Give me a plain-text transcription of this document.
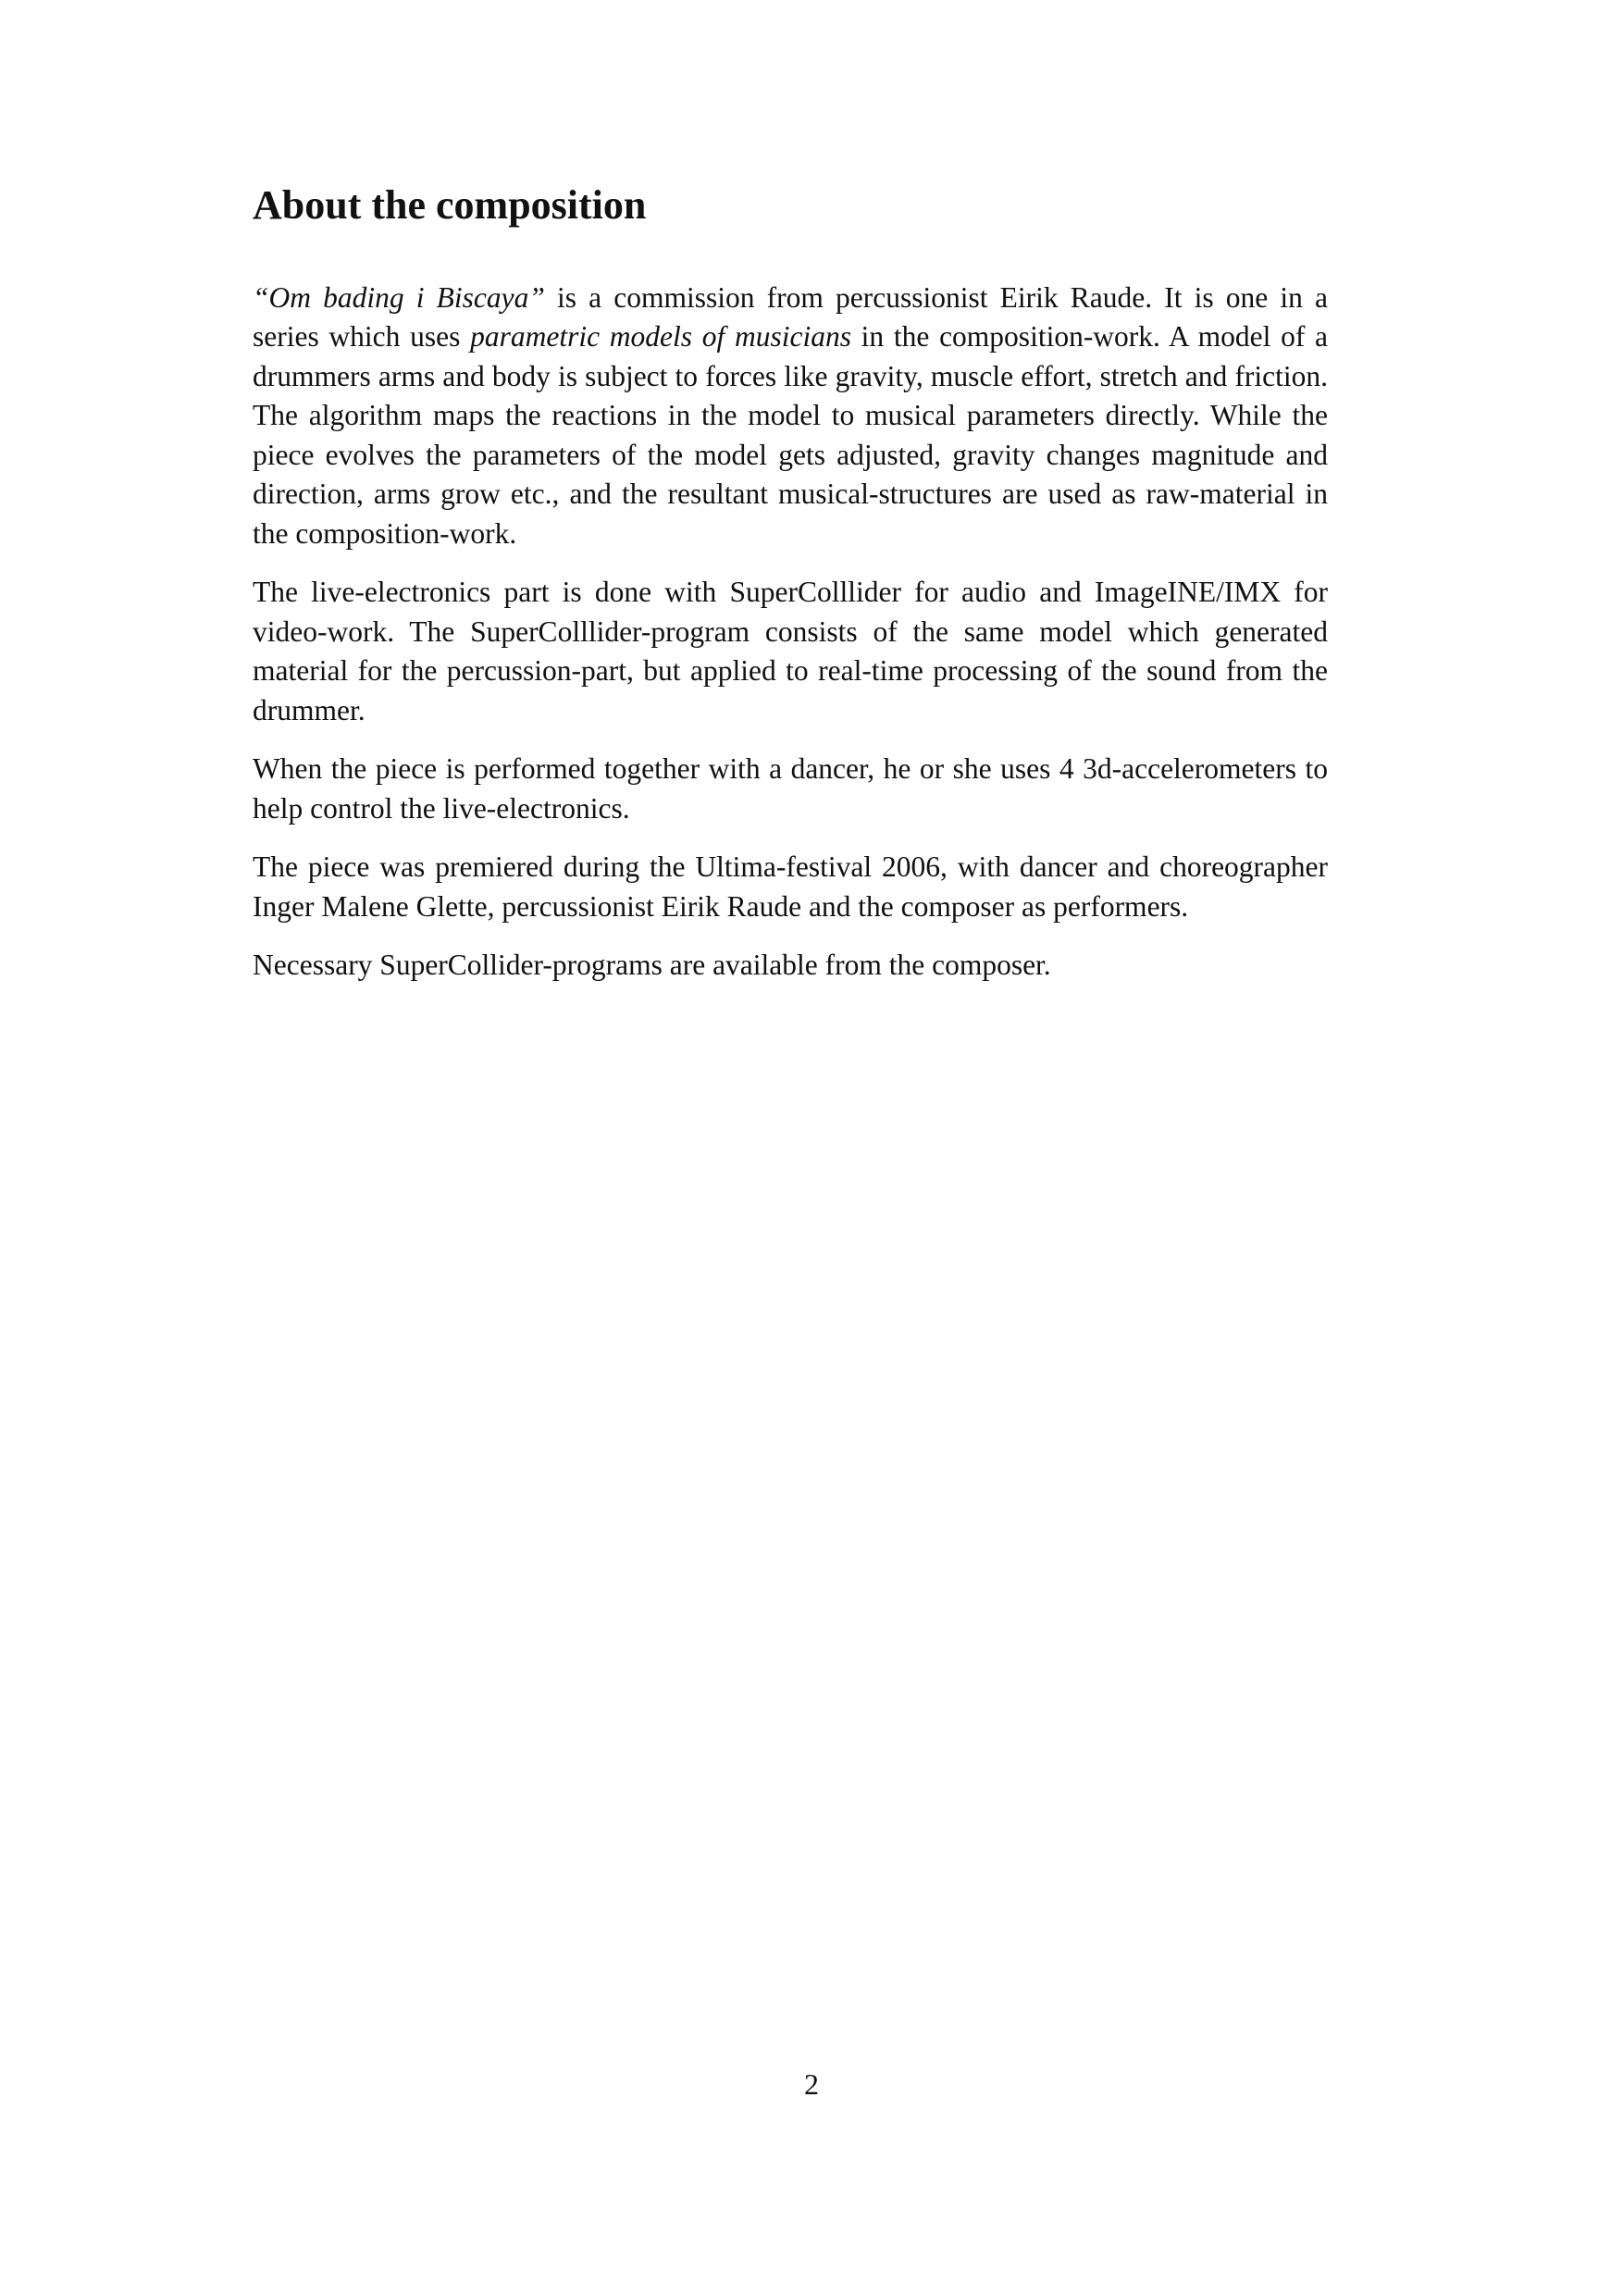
About the composition

“Om bading i Biscaya” is a commission from percussionist Eirik Raude. It is one in a series which uses parametric models of musicians in the composition-work. A model of a drummers arms and body is subject to forces like gravity, muscle effort, stretch and friction. The algorithm maps the reactions in the model to musical parameters directly. While the piece evolves the parameters of the model gets adjusted, gravity changes magnitude and direction, arms grow etc., and the resultant musical-structures are used as raw-material in the composition-work.

The live-electronics part is done with SuperColllider for audio and ImageINE/IMX for video-work. The SuperColllider-program consists of the same model which generated material for the percussion-part, but applied to real-time processing of the sound from the drummer.

When the piece is performed together with a dancer, he or she uses 4 3d-accelerometers to help control the live-electronics.

The piece was premiered during the Ultima-festival 2006, with dancer and choreographer Inger Malene Glette, percussionist Eirik Raude and the composer as performers.

Necessary SuperCollider-programs are available from the composer.

2
